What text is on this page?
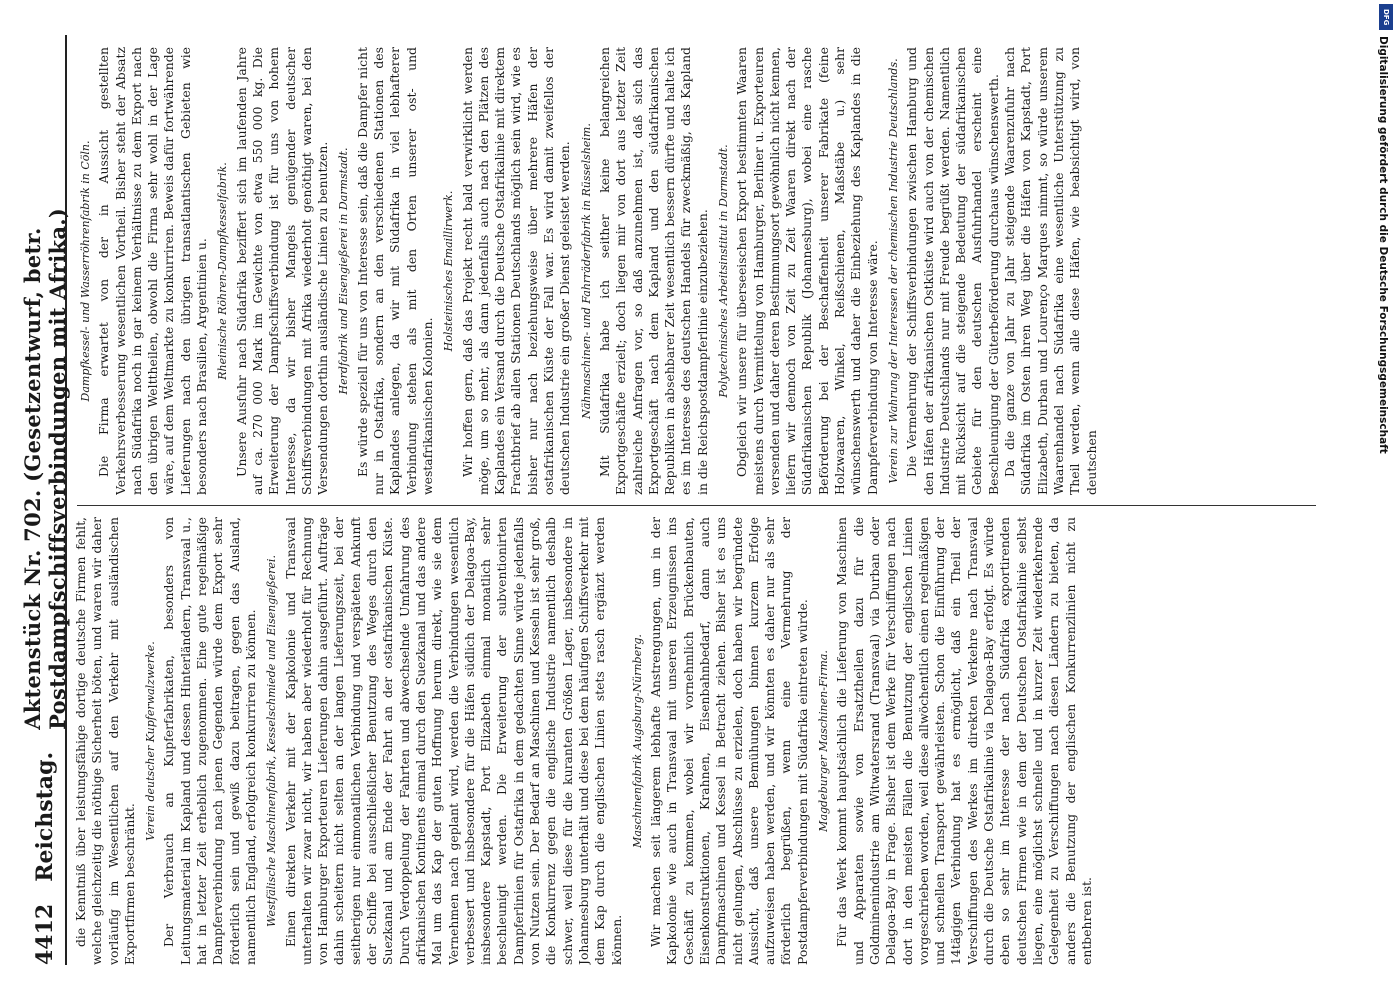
4412
Reichstag.
Aktenstück Nr. 702. (Gesetzentwurf, betr. Postdampfschiffsverbindungen mit Afrika.)

die Kenntniß über leistungsfähige dortige deutsche Firmen fehlt, welche gleichzeitig die nöthige Sicherheit böten, und waren wir daher vorläufig im Wesentlichen auf den Verkehr mit ausländischen Exportfirmen beschränkt.

Verein deutscher Kupferwalzwerke. Der Verbrauch an Kupferfabrikaten, besonders von Leitungsmaterial im Kapland und dessen Hinterländern, Transvaal u., hat in letzter Zeit erheblich zugenommen. Eine gute regelmäßige Dampferverbindung nach jenen Gegenden würde dem Export sehr förderlich sein und gewiß dazu beitragen, gegen das Ausland, namentlich England, erfolgreich konkurriren zu können. Westfälische Maschinenfabrik, Kesselschmiede und Eisengießerei. Einen direkten Verkehr mit der Kapkolonie und Transvaal unterhalten wir zwar nicht, wir haben aber wiederholt für Rechnung von Hamburger Exporteuren Lieferungen dahin ausgeführt. Aufträge dahin scheitern nicht selten an der langen Lieferungszeit, bei der seitherigen nur einmonatlichen Verbindung und verspäteten Ankunft der Schiffe bei ausschließlicher Benutzung des Weges durch den Suezkanal und am Ende der Fahrt an der ostafrikanischen Küste. Durch Verdoppelung der Fahrten und abwechselnde Umfahrung des afrikanischen Kontinents einmal durch den Suezkanal und das andere Mal um das Kap der guten Hoffnung herum direkt, wie sie dem Vernehmen nach geplant wird, werden die Verbindungen wesentlich verbessert und insbesondere für die Häfen südlich der Delagoa-Bay, insbesondere Kapstadt, Port Elizabeth einmal monatlich sehr beschleunigt werden. Die Erweiterung der subventionirten Dampferlinien für Ostafrika in dem gedachten Sinne würde jedenfalls von Nutzen sein. Der Bedarf an Maschinen und Kesseln ist sehr groß, die Konkurrenz gegen die englische Industrie namentlich deshalb schwer, weil diese für die kuranten Größen Lager, insbesondere in Johannesburg unterhält und diese bei dem häufigen Schiffsverkehr mit dem Kap durch die englischen Linien stets rasch ergänzt werden können.

Maschinenfabrik Augsburg-Nürnberg. Wir machen seit längerem lebhafte Anstrengungen, um in der Kapkolonie wie auch in Transvaal mit unseren Erzeugnissen ins Geschäft zu kommen, wobei wir vornehmlich Brückenbauten, Eisenkonstruktionen, Krahnen, Eisenbahnbedarf, dann auch Dampfmaschinen und Kessel in Betracht ziehen. Bisher ist es uns nicht gelungen, Abschlüsse zu erzielen, doch haben wir begründete Aussicht, daß unsere Bemühungen binnen kurzem Erfolge aufzuweisen haben werden, und wir könnten es daher nur als sehr förderlich begrüßen, wenn eine Vermehrung der Postdampferverbindungen mit Südafrika eintreten würde. Magdeburger Maschinen-Firma. Für das Werk kommt hauptsächlich die Lieferung von Maschinen und Apparaten sowie von Ersatztheilen dazu für die Goldminenindustrie am Witwatersrand (Transvaal) via Durban oder Delagoa-Bay in Frage. Bisher ist dem Werke für Verschiffungen nach dort in den meisten Fällen die Benutzung der englischen Linien vorgeschrieben worden, weil diese allwöchentlich einen regelmäßigen und schnellen Transport gewährleisten. Schon die Einführung der 14tägigen Verbindung hat es ermöglicht, daß ein Theil der Verschiffungen des Werkes im direkten Verkehre nach Transvaal durch die Deutsche Ostafrikalinie via Delagoa-Bay erfolgt. Es würde eben so sehr im Interesse der nach Südafrika exportirenden deutschen Firmen wie in dem der Deutschen Ostafrikalinie selbst liegen, eine möglichst schnelle und in kurzer Zeit wiederkehrende Gelegenheit zu Verschiffungen nach diesen Ländern zu bieten, da anders die Benutzung der englischen Konkurrenzlinien nicht zu entbehren ist.

Dampfkessel- und Wasserröhrenfabrik in Cöln. Die Firma erwartet von der in Aussicht gestellten Verkehrsverbesserung wesentlichen Vortheil. Bisher steht der Absatz nach Südafrika noch in gar keinem Verhältnisse zu dem Export nach den übrigen Welttheilen, obwohl die Firma sehr wohl in der Lage wäre, auf dem Weltmarkte zu konkurriren. Beweis dafür fortwährende Lieferungen nach den übrigen transatlantischen Gebieten wie besonders nach Brasilien, Argentinien u. Rheinische Röhren-Dampfkesselfabrik. Unsere Ausfuhr nach Südafrika beziffert sich im laufenden Jahre auf ca. 270 000 Mark im Gewichte von etwa 550 000 kg. Die Erweiterung der Dampfschiffsverbindung ist für uns von hohem Interesse, da wir bisher Mangels genügender deutscher Schiffsverbindungen mit Afrika wiederholt genöthigt waren, bei den Versendungen dorthin ausländische Linien zu benutzen. Herdfabrik und Eisengießerei in Darmstadt. Es würde speziell für uns von Interesse sein, daß die Dampfer nicht nur in Ostafrika, sondern an den verschiedenen Stationen des Kaplandes anlegen, da wir mit Südafrika in viel lebhafterer Verbindung stehen als mit den Orten unserer ost- und westafrikanischen Kolonien.

Holsteinisches Emaillirwerk. Wir hoffen gern, daß das Projekt recht bald verwirklicht werden möge, um so mehr, als dann jedenfalls auch nach den Plätzen des Kaplandes ein Versand durch die Deutsche Ostafrikalinie mit direktem Frachtbrief ab allen Stationen Deutschlands möglich sein wird, wie es bisher nur nach beziehungsweise über mehrere Häfen der ostafrikanischen Küste der Fall war. Es wird damit zweifellos der deutschen Industrie ein großer Dienst geleistet werden. Nähmaschinen- und Fahrräderfabrik in Rüsselsheim. Mit Südafrika habe ich seither keine belangreichen Exportgeschäfte erzielt; doch liegen mir von dort aus letzter Zeit zahlreiche Anfragen vor, so daß anzunehmen ist, daß sich das Exportgeschäft nach dem Kapland und den südafrikanischen Republiken in absehbarer Zeit wesentlich bessern dürfte und halte ich es im Interesse des deutschen Handels für zweckmäßig, das Kapland in die Reichspostdampferlinie einzubeziehen. Polytechnisches Arbeitsinstitut in Darmstadt. Obgleich wir unsere für überseeischen Export bestimmten Waaren meistens durch Vermittelung von Hamburger, Berliner u. Exporteuren versenden und daher deren Bestimmungsort gewöhnlich nicht kennen, liefern wir dennoch von Zeit zu Zeit Waaren direkt nach der Südafrikanischen Republik (Johannesburg), wobei eine rasche Beförderung bei der Beschaffenheit unserer Fabrikate (feine Holzwaaren, Winkel, Reißschienen, Maßstäbe u.) sehr wünschenswerth und daher die Einbeziehung des Kaplandes in die Dampferverbindung von Interesse wäre. Verein zur Wahrung der Interessen der chemischen Industrie Deutschlands. Die Vermehrung der Schiffsverbindungen zwischen Hamburg und den Häfen der afrikanischen Ostküste wird auch von der chemischen Industrie Deutschlands nur mit Freude begrüßt werden. Namentlich mit Rücksicht auf die steigende Bedeutung der südafrikanischen Gebiete für den deutschen Ausfuhrhandel erscheint eine Beschleunigung der Güterbeförderung durchaus wünschenswerth. Da die ganze von Jahr zu Jahr steigende Waarenzufuhr nach Südafrika im Osten ihren Weg über die Häfen von Kapstadt, Port Elizabeth, Durban und Lourenço Marques nimmt, so würde unserem Waarenhandel nach Südafrika eine wesentliche Unterstützung zu Theil werden, wenn alle diese Häfen, wie beabsichtigt wird, von deutschen

DFG
Digitalisierung gefördert durch die Deutsche Forschungsgemeinschaft
